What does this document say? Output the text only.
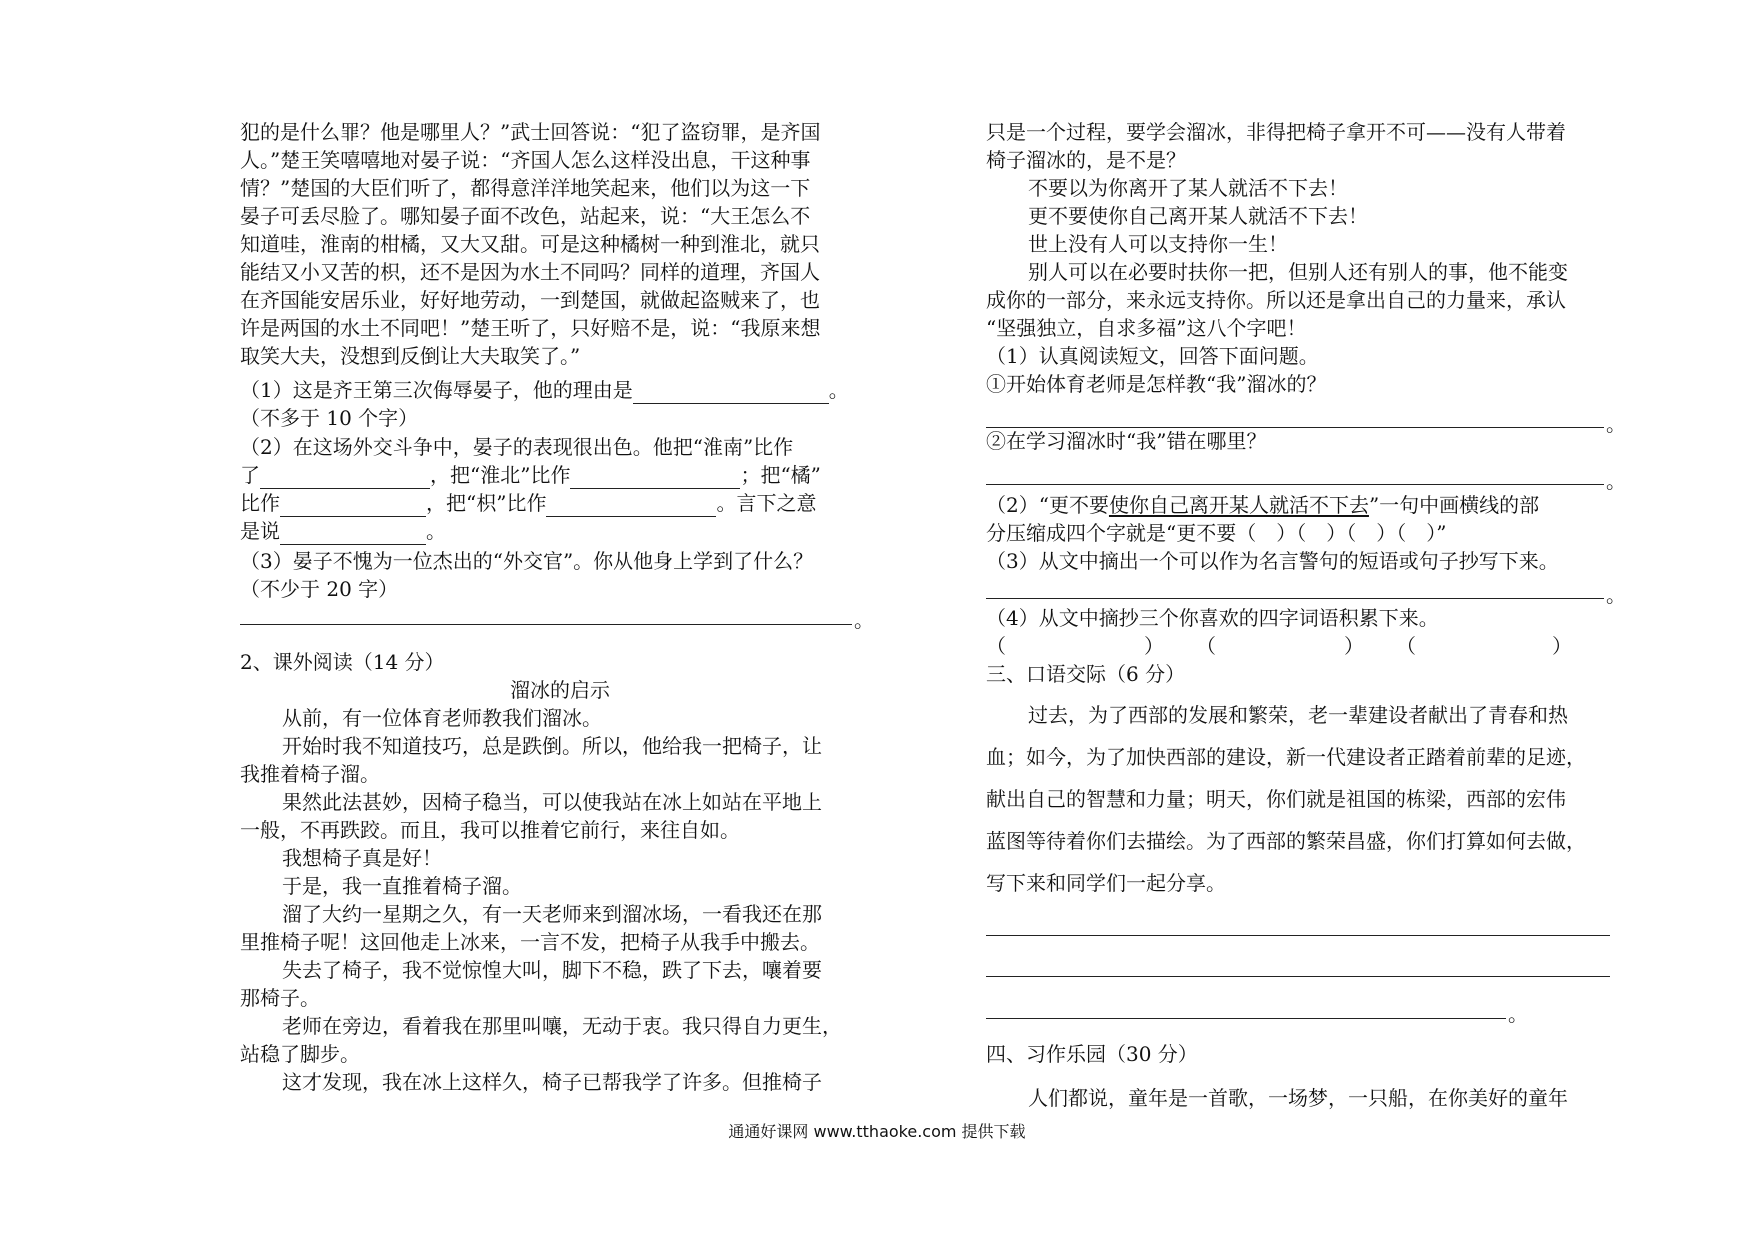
犯的是什么罪？他是哪里人？”武士回答说：“犯了盗窃罪，是齐国
人。”楚王笑嘻嘻地对晏子说：“齐国人怎么这样没出息，干这种事
情？”楚国的大臣们听了，都得意洋洋地笑起来，他们以为这一下
晏子可丢尽脸了。哪知晏子面不改色，站起来，说：“大王怎么不
知道哇，淮南的柑橘，又大又甜。可是这种橘树一种到淮北，就只
能结又小又苦的枳，还不是因为水土不同吗？同样的道理，齐国人
在齐国能安居乐业，好好地劳动，一到楚国，就做起盗贼来了，也
许是两国的水土不同吧！”楚王听了，只好赔不是，说：“我原来想
取笑大夫，没想到反倒让大夫取笑了。”
（1）这是齐王第三次侮辱晏子，他的理由是	。
（不多于 10 个字）
（2）在这场外交斗争中，晏子的表现很出色。他把“淮南”比作
了	，把“淮北”比作	；把“橘”
比作	，把“枳”比作	。言下之意
是说	。
（3）晏子不愧为一位杰出的“外交官”。你从他身上学到了什么？
（不少于 20 字）
。
2、课外阅读（14 分）
溜冰的启示
从前，有一位体育老师教我们溜冰。
开始时我不知道技巧，总是跌倒。所以，他给我一把椅子，让
我推着椅子溜。
果然此法甚妙，因椅子稳当，可以使我站在冰上如站在平地上
一般，不再跌跤。而且，我可以推着它前行，来往自如。
我想椅子真是好！
于是，我一直推着椅子溜。
溜了大约一星期之久，有一天老师来到溜冰场，一看我还在那
里推椅子呢！这回他走上冰来，一言不发，把椅子从我手中搬去。
失去了椅子，我不觉惊惶大叫，脚下不稳，跌了下去，嚷着要
那椅子。
老师在旁边，看着我在那里叫嚷，无动于衷。我只得自力更生，
站稳了脚步。
这才发现，我在冰上这样久，椅子已帮我学了许多。但推椅子
只是一个过程，要学会溜冰，非得把椅子拿开不可——没有人带着
椅子溜冰的，是不是？
不要以为你离开了某人就活不下去！
更不要使你自己离开某人就活不下去！
世上没有人可以支持你一生！
别人可以在必要时扶你一把，但别人还有别人的事，他不能变
成你的一部分，来永远支持你。所以还是拿出自己的力量来，承认
“坚强独立，自求多福”这八个字吧！
（1）认真阅读短文，回答下面问题。
①开始体育老师是怎样教“我”溜冰的？
。
②在学习溜冰时“我”错在哪里？
。
（2）“更不要使你自己离开某人就活不下去”一句中画横线的部
分压缩成四个字就是“更不要（　）（　）（　）（　）”
（3）从文中摘出一个可以作为名言警句的短语或句子抄写下来。
。
（4）从文中摘抄三个你喜欢的四字词语积累下来。
（	） （	） （	）
三、口语交际（6 分）
过去，为了西部的发展和繁荣，老一辈建设者献出了青春和热
血；如今，为了加快西部的建设，新一代建设者正踏着前辈的足迹，
献出自己的智慧和力量；明天，你们就是祖国的栋梁，西部的宏伟
蓝图等待着你们去描绘。为了西部的繁荣昌盛，你们打算如何去做，
写下来和同学们一起分享。
。
四、习作乐园（30 分）
人们都说，童年是一首歌，一场梦，一只船，在你美好的童年
通通好课网 www.tthaoke.com 提供下载
